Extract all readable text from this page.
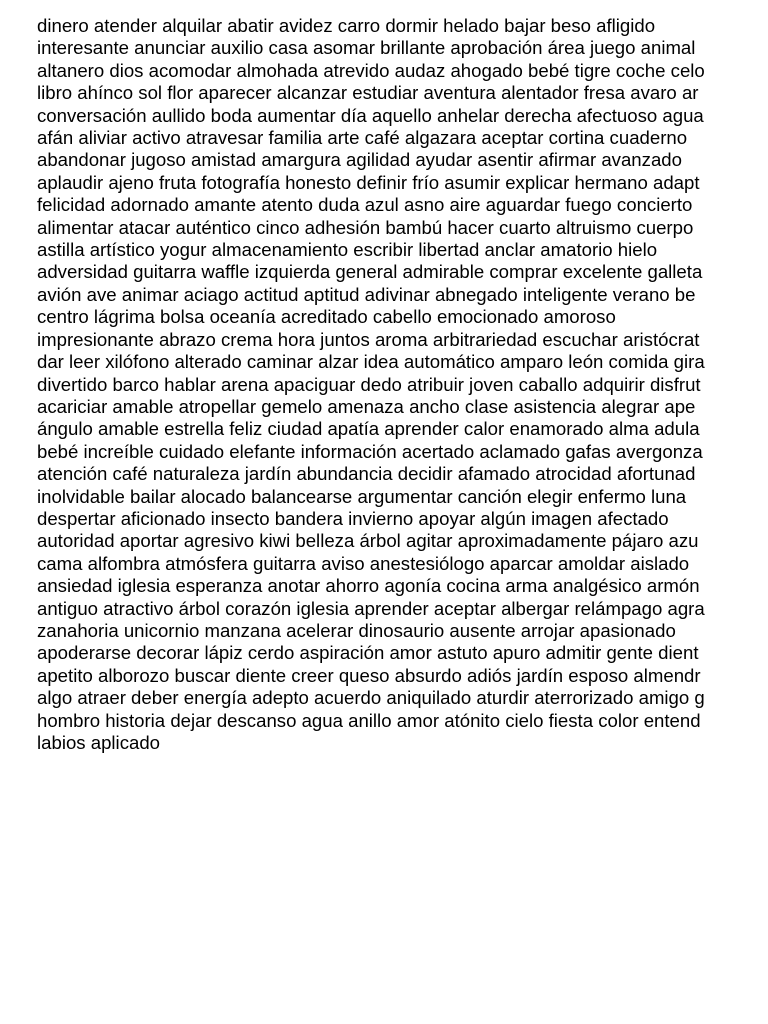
dinero atender alquilar abatir avidez carro dormir helado bajar beso afligido
interesante anunciar auxilio casa asomar brillante aprobación área juego animal
altanero dios acomodar almohada atrevido audaz ahogado bebé tigre coche celo
libro ahínco sol flor aparecer alcanzar estudiar aventura alentador fresa avaro ar
conversación aullido boda aumentar día aquello anhelar derecha afectuoso agua
afán aliviar activo atravesar familia arte café algazara aceptar cortina cuaderno
abandonar jugoso amistad amargura agilidad ayudar asentir afirmar avanzado
aplaudir ajeno fruta fotografía honesto definir frío asumir explicar hermano adapt
felicidad adornado amante atento duda azul asno aire aguardar fuego concierto
alimentar atacar auténtico cinco adhesión bambú hacer cuarto altruismo cuerpo
astilla artístico yogur almacenamiento escribir libertad anclar amatorio hielo
adversidad guitarra waffle izquierda general admirable comprar excelente galleta
avión ave animar aciago actitud aptitud adivinar abnegado inteligente verano be
centro lágrima bolsa oceanía acreditado cabello emocionado amoroso
impresionante abrazo crema hora juntos aroma arbitrariedad escuchar aristócrat
dar leer xilófono alterado caminar alzar idea automático amparo león comida gira
divertido barco hablar arena apaciguar dedo atribuir joven caballo adquirir disfrut
acariciar amable atropellar gemelo amenaza ancho clase asistencia alegrar ape
ángulo amable estrella feliz ciudad apatía aprender calor enamorado alma adula
bebé increíble cuidado elefante información acertado aclamado gafas avergonza
atención café naturaleza jardín abundancia decidir afamado atrocidad afortunad
inolvidable bailar alocado balancearse argumentar canción elegir enfermo luna
despertar aficionado insecto bandera invierno apoyar algún imagen afectado
autoridad aportar agresivo kiwi belleza árbol agitar aproximadamente pájaro azu
cama alfombra atmósfera guitarra aviso anestesiólogo aparcar amoldar aislado
ansiedad iglesia esperanza anotar ahorro agonía cocina arma analgésico armón
antiguo atractivo árbol corazón iglesia aprender aceptar albergar relámpago agra
zanahoria unicornio manzana acelerar dinosaurio ausente arrojar apasionado
apoderarse decorar lápiz cerdo aspiración amor astuto apuro admitir gente dient
apetito alborozo buscar diente creer queso absurdo adiós jardín esposo almendr
algo atraer deber energía adepto acuerdo aniquilado aturdir aterrorizado amigo g
hombro historia dejar descanso agua anillo amor atónito cielo fiesta color entend
labios aplicado
